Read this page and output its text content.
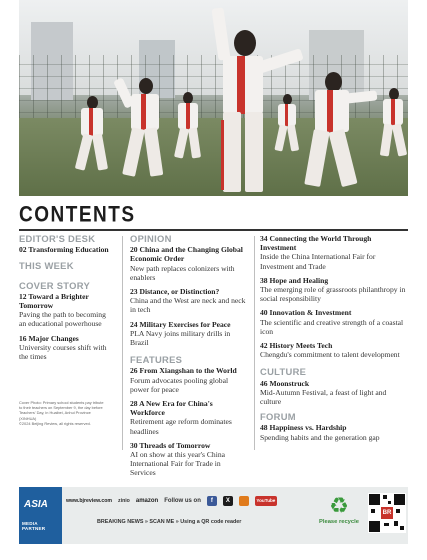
CONTENTS
EDITOR'S DESK
02 Transforming Education
THIS WEEK
COVER STORY
12 Toward a Brighter Tomorrow
Paving the path to becoming an educational powerhouse
16 Major Changes
University courses shift with the times
Cover Photo: Primary school students pay tribute to their teachers on September 9, the day before Teachers' Day, in Huaibei, Anhui Province (XINHUA)
©2024 Beijing Review, all rights reserved.
OPINION
20 China and the Changing Global Economic Order
New path replaces colonizers with enablers
23 Distance, or Distinction?
China and the West are neck and neck in tech
24 Military Exercises for Peace
PLA Navy joins military drills in Brazil
FEATURES
26 From Xiangshan to the World
Forum advocates pooling global power for peace
28 A New Era for China's Workforce
Retirement age reform dominates headlines
30 Threads of Tomorrow
AI on show at this year's China International Fair for Trade in Services
34 Connecting the World Through Investment
Inside the China International Fair for Investment and Trade
38 Hope and Healing
The emerging role of grassroots philanthropy in social responsibility
40 Innovation & Investment
The scientific and creative strength of a coastal icon
42 History Meets Tech
Chengdu's commitment to talent development
CULTURE
46 Moonstruck
Mid-Autumn Festival, a feast of light and culture
FORUM
48 Happiness vs. Hardship
Spending habits and the generation gap
ASIA
MEDIA PARTNER
www.bjreview.com zinio amazon Follow us on	f	X	YouTube
BREAKING NEWS » SCAN ME » Using a QR code reader
♻
Please recycle
BR
